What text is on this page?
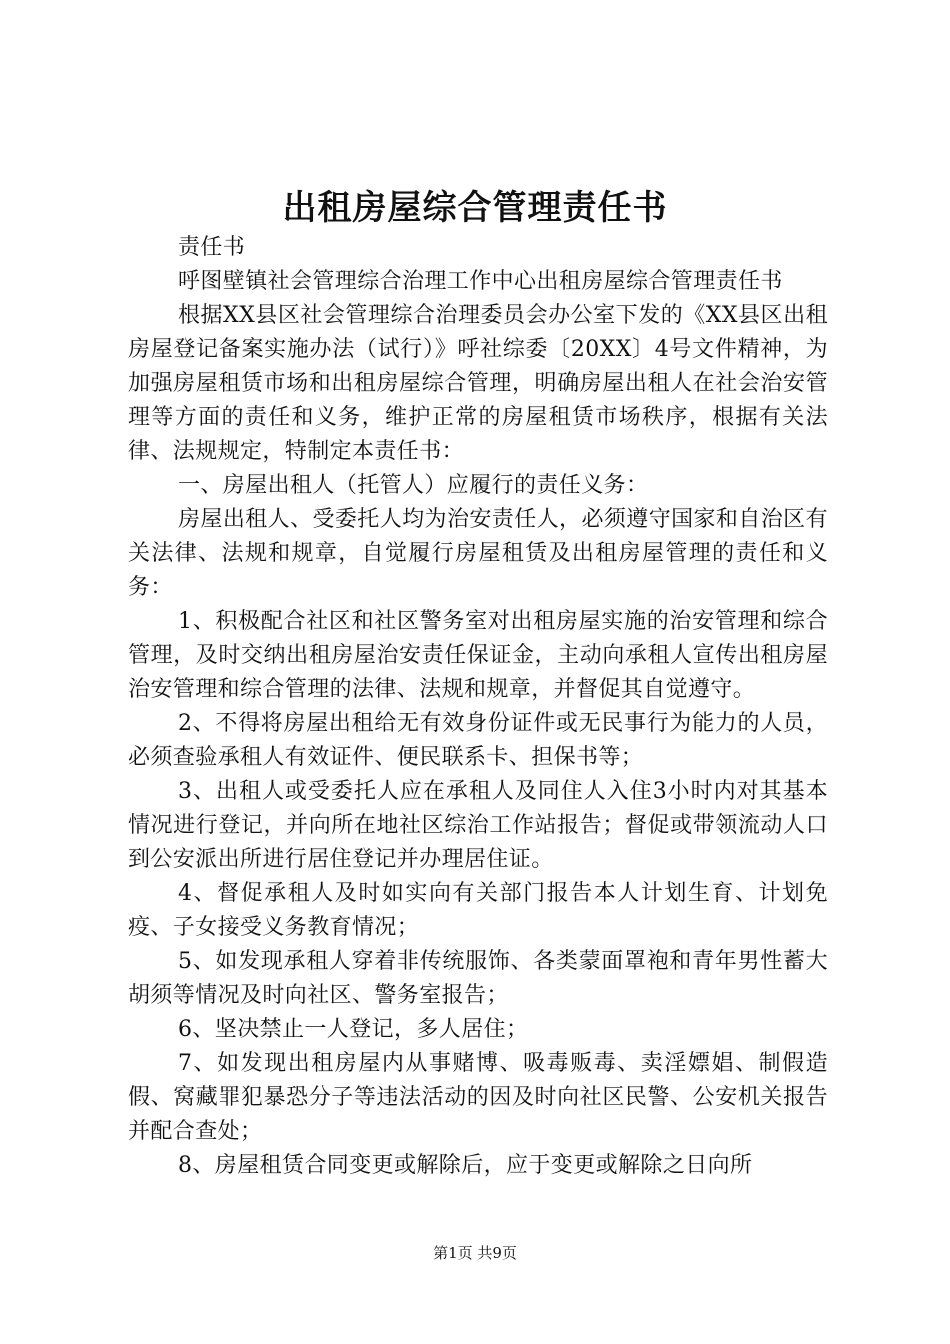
出租房屋综合管理责任书

责任书

呼图壁镇社会管理综合治理工作中心出租房屋综合管理责任书

根据XX县区社会管理综合治理委员会办公室下发的《XX县区出租房屋登记备案实施办法（试行）》呼社综委〔20XX〕4号文件精神，为加强房屋租赁市场和出租房屋综合管理，明确房屋出租人在社会治安管理等方面的责任和义务，维护正常的房屋租赁市场秩序，根据有关法律、法规规定，特制定本责任书：

一、房屋出租人（托管人）应履行的责任义务：

房屋出租人、受委托人均为治安责任人，必须遵守国家和自治区有关法律、法规和规章，自觉履行房屋租赁及出租房屋管理的责任和义务：

1、积极配合社区和社区警务室对出租房屋实施的治安管理和综合管理，及时交纳出租房屋治安责任保证金，主动向承租人宣传出租房屋治安管理和综合管理的法律、法规和规章，并督促其自觉遵守。

2、不得将房屋出租给无有效身份证件或无民事行为能力的人员，必须查验承租人有效证件、便民联系卡、担保书等；

3、出租人或受委托人应在承租人及同住人入住3小时内对其基本情况进行登记，并向所在地社区综治工作站报告；督促或带领流动人口到公安派出所进行居住登记并办理居住证。

4、督促承租人及时如实向有关部门报告本人计划生育、计划免疫、子女接受义务教育情况；

5、如发现承租人穿着非传统服饰、各类蒙面罩袍和青年男性蓄大胡须等情况及时向社区、警务室报告；

6、坚决禁止一人登记，多人居住；

7、如发现出租房屋内从事赌博、吸毒贩毒、卖淫嫖娼、制假造假、窝藏罪犯暴恐分子等违法活动的因及时向社区民警、公安机关报告并配合查处；

8、房屋租赁合同变更或解除后，应于变更或解除之日向所

第1页 共9页
